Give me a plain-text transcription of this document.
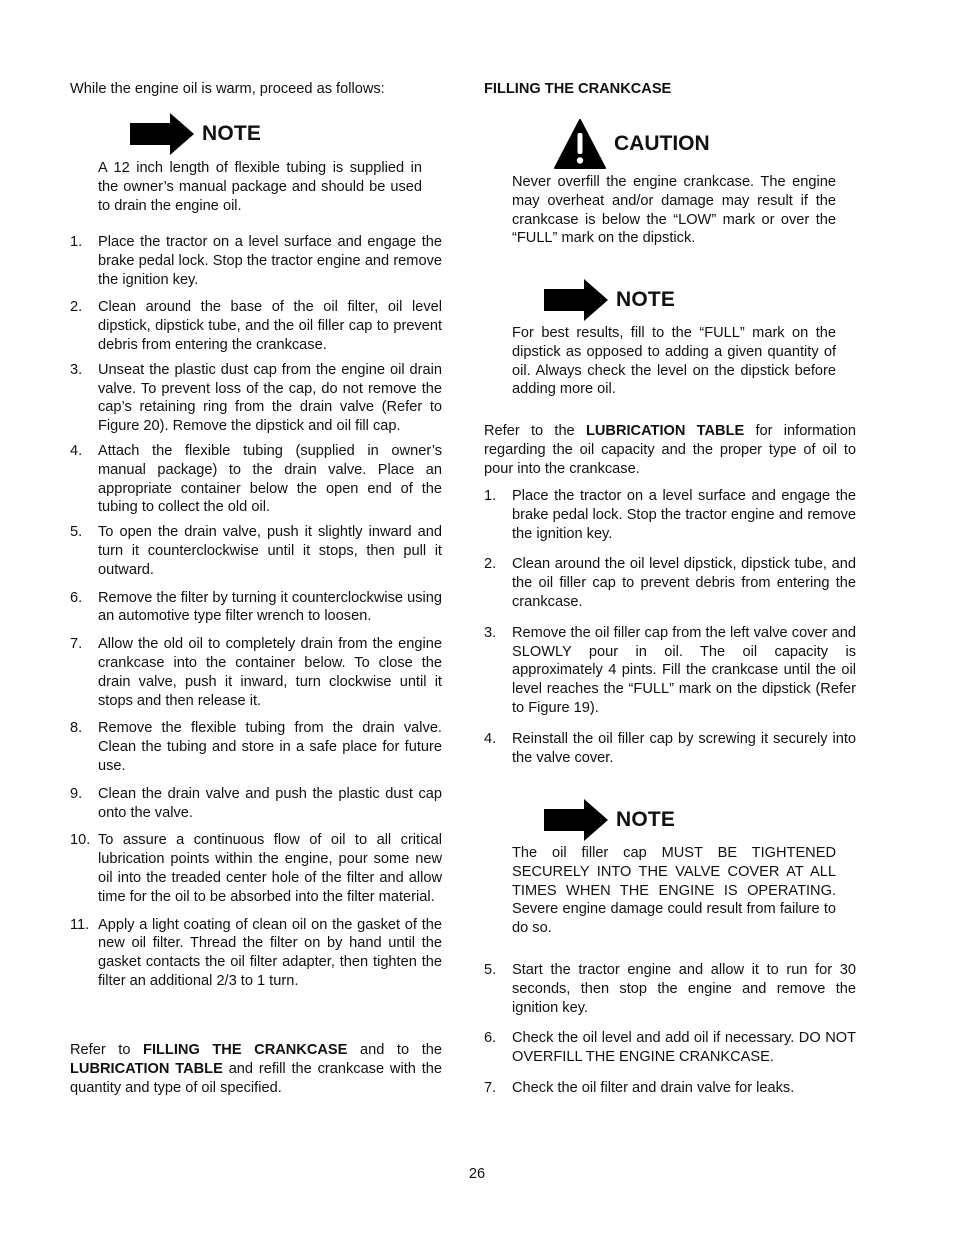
While the engine oil is warm, proceed as follows:
NOTE
A 12 inch length of flexible tubing is supplied in the owner’s manual package and should be used to drain the engine oil.
1. Place the tractor on a level surface and engage the brake pedal lock. Stop the tractor engine and remove the ignition key.
2. Clean around the base of the oil filter, oil level dipstick, dipstick tube, and the oil filler cap to prevent debris from entering the crankcase.
3. Unseat the plastic dust cap from the engine oil drain valve. To prevent loss of the cap, do not remove the cap’s retaining ring from the drain valve (Refer to Figure 20). Remove the dipstick and oil fill cap.
4. Attach the flexible tubing (supplied in owner’s manual package) to the drain valve. Place an appropriate container below the open end of the tubing to collect the old oil.
5. To open the drain valve, push it slightly inward and turn it counterclockwise until it stops, then pull it outward.
6. Remove the filter by turning it counterclockwise using an automotive type filter wrench to loosen.
7. Allow the old oil to completely drain from the engine crankcase into the container below. To close the drain valve, push it inward, turn clockwise until it stops and then release it.
8. Remove the flexible tubing from the drain valve. Clean the tubing and store in a safe place for future use.
9. Clean the drain valve and push the plastic dust cap onto the valve.
10. To assure a continuous flow of oil to all critical lubrication points within the engine, pour some new oil into the treaded center hole of the filter and allow time for the oil to be absorbed into the filter material.
11. Apply a light coating of clean oil on the gasket of the new oil filter. Thread the filter on by hand until the gasket contacts the oil filter adapter, then tighten the filter an additional 2/3 to 1 turn.
Refer to FILLING THE CRANKCASE and to the LUBRICATION TABLE and refill the crankcase with the quantity and type of oil specified.
FILLING THE CRANKCASE
CAUTION
Never overfill the engine crankcase. The engine may overheat and/or damage may result if the crankcase is below the “LOW” mark or over the “FULL” mark on the dipstick.
NOTE
For best results, fill to the “FULL” mark on the dipstick as opposed to adding a given quantity of oil. Always check the level on the dipstick before adding more oil.
Refer to the LUBRICATION TABLE for information regarding the oil capacity and the proper type of oil to pour into the crankcase.
1. Place the tractor on a level surface and engage the brake pedal lock. Stop the tractor engine and remove the ignition key.
2. Clean around the oil level dipstick, dipstick tube, and the oil filler cap to prevent debris from entering the crankcase.
3. Remove the oil filler cap from the left valve cover and SLOWLY pour in oil. The oil capacity is approximately 4 pints. Fill the crankcase until the oil level reaches the “FULL” mark on the dipstick (Refer to Figure 19).
4. Reinstall the oil filler cap by screwing it securely into the valve cover.
NOTE
The oil filler cap MUST BE TIGHTENED SECURELY INTO THE VALVE COVER AT ALL TIMES WHEN THE ENGINE IS OPERATING. Severe engine damage could result from failure to do so.
5. Start the tractor engine and allow it to run for 30 seconds, then stop the engine and remove the ignition key.
6. Check the oil level and add oil if necessary. DO NOT OVERFILL THE ENGINE CRANKCASE.
7. Check the oil filter and drain valve for leaks.
26
